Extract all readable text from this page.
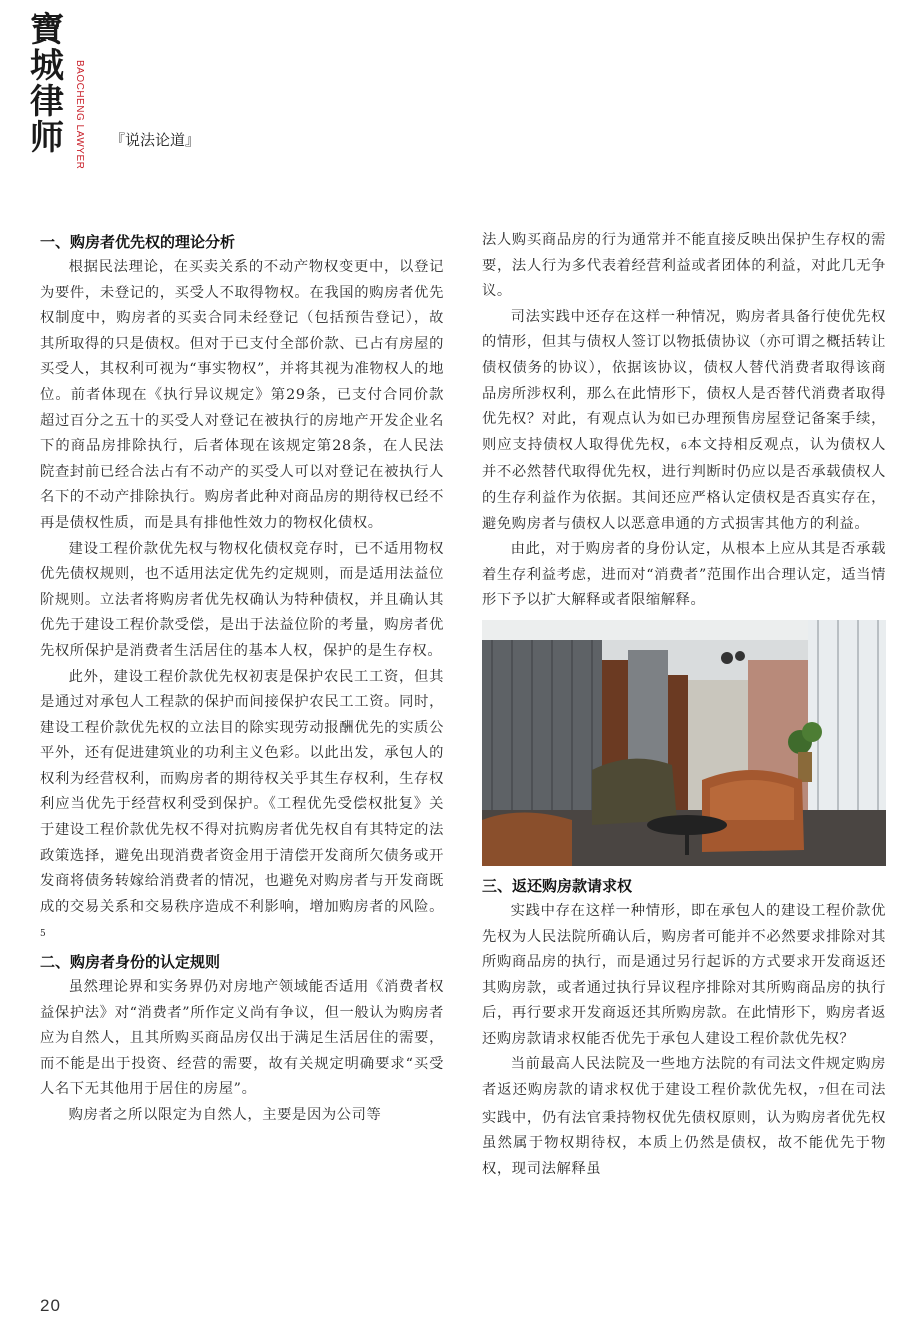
寶
城
律
师	BAOCHENG LAWYER 『说法论道』
一、购房者优先权的理论分析

根据民法理论，在买卖关系的不动产物权变更中，以登记为要件，未登记的，买受人不取得物权。在我国的购房者优先权制度中，购房者的买卖合同未经登记（包括预告登记），故其所取得的只是债权。但对于已支付全部价款、已占有房屋的买受人，其权利可视为“事实物权”，并将其视为准物权人的地位。前者体现在《执行异议规定》第29条，已支付合同价款超过百分之五十的买受人对登记在被执行的房地产开发企业名下的商品房排除执行，后者体现在该规定第28条，在人民法院查封前已经合法占有不动产的买受人可以对登记在被执行人名下的不动产排除执行。购房者此种对商品房的期待权已经不再是债权性质，而是具有排他性效力的物权化债权。

建设工程价款优先权与物权化债权竞存时，已不适用物权优先债权规则，也不适用法定优先约定规则，而是适用法益位阶规则。立法者将购房者优先权确认为特种债权，并且确认其优先于建设工程价款受偿，是出于法益位阶的考量，购房者优先权所保护是消费者生活居住的基本人权，保护的是生存权。

此外，建设工程价款优先权初衷是保护农民工工资，但其是通过对承包人工程款的保护而间接保护农民工工资。同时，建设工程价款优先权的立法目的除实现劳动报酬优先的实质公平外，还有促进建筑业的功利主义色彩。以此出发，承包人的权利为经营权利，而购房者的期待权关乎其生存权利，生存权利应当优先于经营权利受到保护。《工程优先受偿权批复》关于建设工程价款优先权不得对抗购房者优先权自有其特定的法政策选择，避免出现消费者资金用于清偿开发商所欠债务或开发商将债务转嫁给消费者的情况，也避免对购房者与开发商既成的交易关系和交易秩序造成不利影响，增加购房者的风险。5

二、购房者身份的认定规则

虽然理论界和实务界仍对房地产领域能否适用《消费者权益保护法》对“消费者”所作定义尚有争议，但一般认为购房者应为自然人，且其所购买商品房仅出于满足生活居住的需要，而不能是出于投资、经营的需要，故有关规定明确要求“买受人名下无其他用于居住的房屋”。

购房者之所以限定为自然人，主要是因为公司等

法人购买商品房的行为通常并不能直接反映出保护生存权的需要，法人行为多代表着经营利益或者团体的利益，对此几无争议。

司法实践中还存在这样一种情况，购房者具备行使优先权的情形，但其与债权人签订以物抵债协议（亦可谓之概括转让债权债务的协议），依据该协议，债权人替代消费者取得该商品房所涉权利，那么在此情形下，债权人是否替代消费者取得优先权？对此，有观点认为如已办理预售房屋登记备案手续，则应支持债权人取得优先权，6本文持相反观点，认为债权人并不必然替代取得优先权，进行判断时仍应以是否承载债权人的生存利益作为依据。其间还应严格认定债权是否真实存在，避免购房者与债权人以恶意串通的方式损害其他方的利益。

由此，对于购房者的身份认定，从根本上应从其是否承载着生存利益考虑，进而对“消费者”范围作出合理认定，适当情形下予以扩大解释或者限缩解释。

三、返还购房款请求权

实践中存在这样一种情形，即在承包人的建设工程价款优先权为人民法院所确认后，购房者可能并不必然要求排除对其所购商品房的执行，而是通过另行起诉的方式要求开发商返还其购房款，或者通过执行异议程序排除对其所购商品房的执行后，再行要求开发商返还其所购房款。在此情形下，购房者返还购房款请求权能否优先于承包人建设工程价款优先权？

当前最高人民法院及一些地方法院的有司法文件规定购房者返还购房款的请求权优于建设工程价款优先权，7但在司法实践中，仍有法官秉持物权优先债权原则，认为购房者优先权虽然属于物权期待权，本质上仍然是债权，故不能优先于物权，现司法解释虽

20
